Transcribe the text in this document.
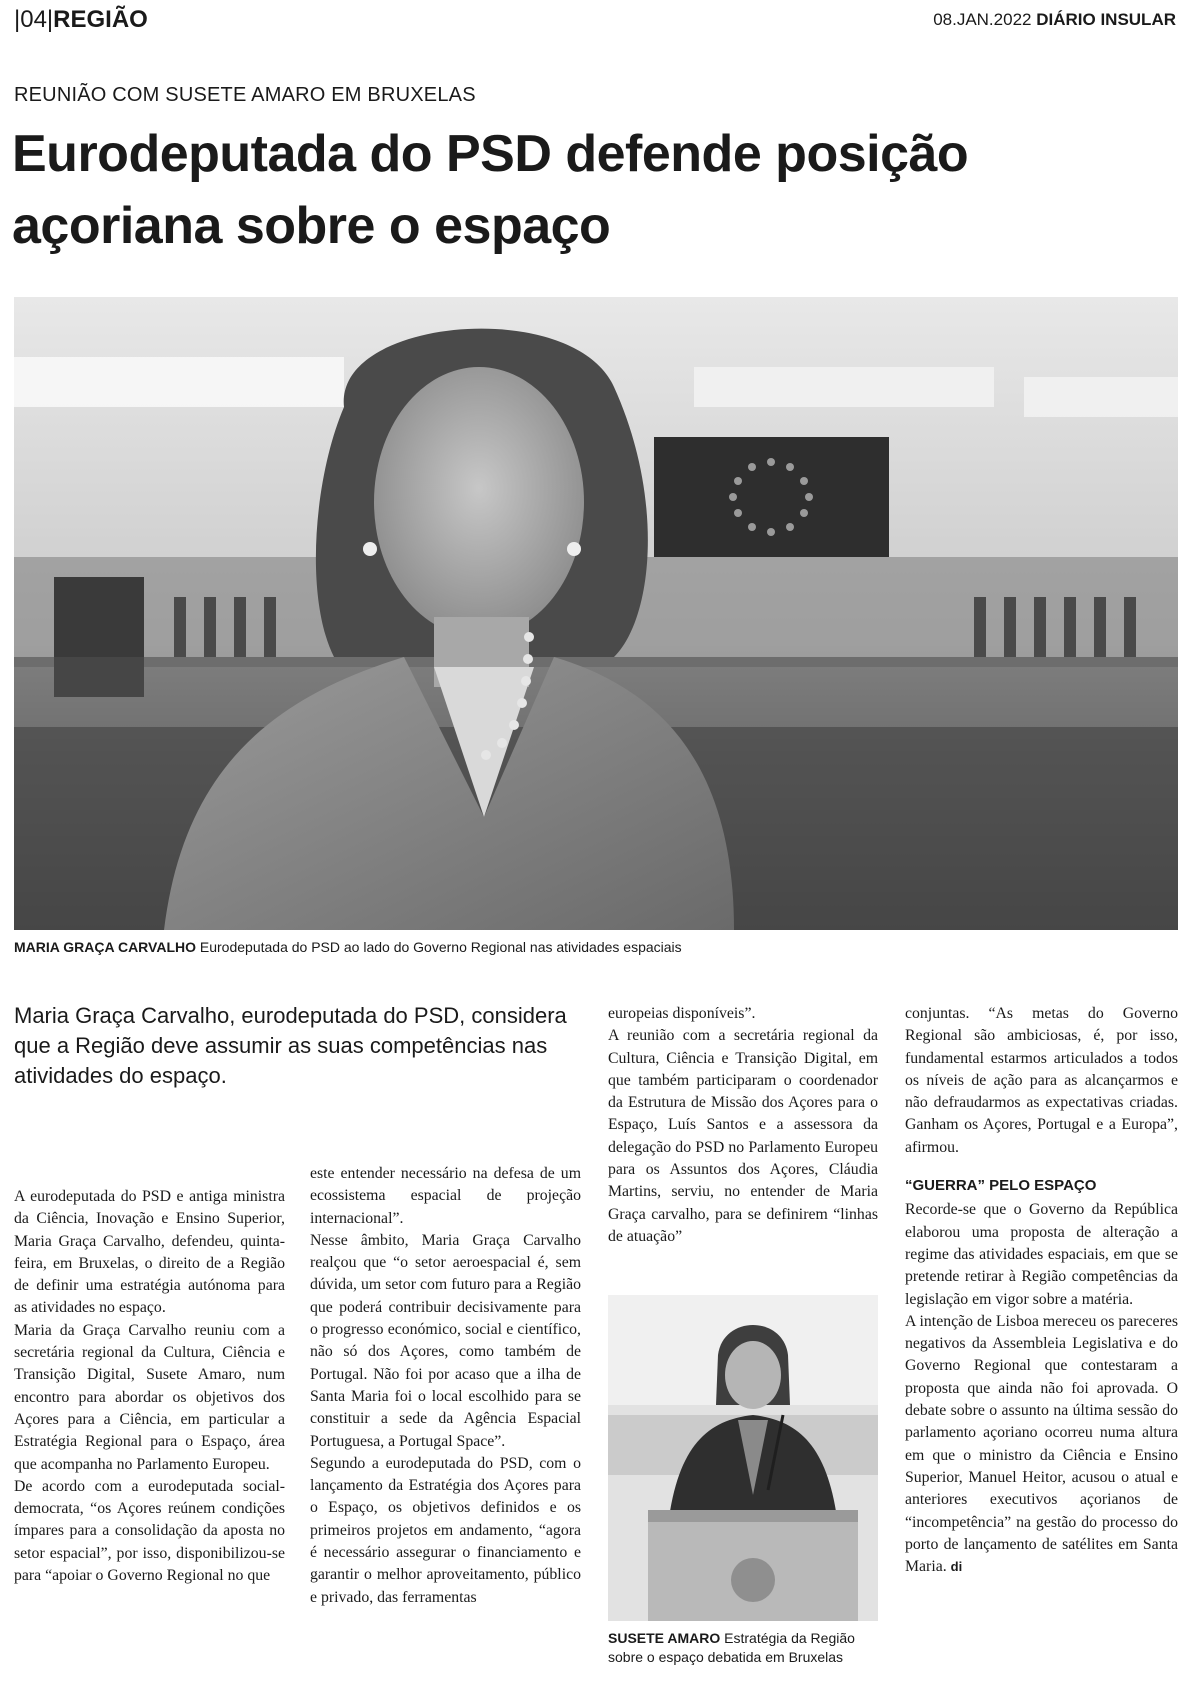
|04|REGIÃO	08.JAN.2022 DIÁRIO INSULAR
REUNIÃO COM SUSETE AMARO EM BRUXELAS
Eurodeputada do PSD defende posição açoriana sobre o espaço
MARIA GRAÇA CARVALHO Eurodeputada do PSD ao lado do Governo Regional nas atividades espaciais

Maria Graça Carvalho, eurodeputada do PSD, considera que a Região deve assumir as suas competências nas atividades do espaço.

A eurodeputada do PSD e antiga ministra da Ciência, Inovação e Ensino Superior, Maria Graça Carvalho, defendeu, quinta-feira, em Bruxelas, o direito de a Região de definir uma estratégia autónoma para as atividades no espaço.

Maria da Graça Carvalho reuniu com a secretária regional da Cultura, Ciência e Transição Digital, Susete Amaro, num encontro para abordar os objetivos dos Açores para a Ciência, em particular a Estratégia Regional para o Espaço, área que acompanha no Parlamento Europeu.

De acordo com a eurodeputada social-democrata, “os Açores reúnem condições ímpares para a consolidação da aposta no setor espacial”, por isso, disponibilizou-se para “apoiar o Governo Regional no que

este entender necessário na defesa de um ecossistema espacial de projeção internacional”.

Nesse âmbito, Maria Graça Carvalho realçou que “o setor aeroespacial é, sem dúvida, um setor com futuro para a Região que poderá contribuir decisivamente para o progresso económico, social e científico, não só dos Açores, como também de Portugal. Não foi por acaso que a ilha de Santa Maria foi o local escolhido para se constituir a sede da Agência Espacial Portuguesa, a Portugal Space”.

Segundo a eurodeputada do PSD, com o lançamento da Estratégia dos Açores para o Espaço, os objetivos definidos e os primeiros projetos em andamento, “agora é necessário assegurar o financiamento e garantir o melhor aproveitamento, público e privado, das ferramentas

europeias disponíveis”.

A reunião com a secretária regional da Cultura, Ciência e Transição Digital, em que também participaram o coordenador da Estrutura de Missão dos Açores para o Espaço, Luís Santos e a assessora da delegação do PSD no Parlamento Europeu para os Assuntos dos Açores, Cláudia Martins, serviu, no entender de Maria Graça carvalho, para se definirem “linhas de atuação”

SUSETE AMARO Estratégia da Região sobre o espaço debatida em Bruxelas

conjuntas. “As metas do Governo Regional são ambiciosas, é, por isso, fundamental estarmos articulados a todos os níveis de ação para as alcançarmos e não defraudarmos as expectativas criadas. Ganham os Açores, Portugal e a Europa”, afirmou.

“GUERRA” PELO ESPAÇO

Recorde-se que o Governo da República elaborou uma proposta de alteração a regime das atividades espaciais, em que se pretende retirar à Região competências da legislação em vigor sobre a matéria.

A intenção de Lisboa mereceu os pareceres negativos da Assembleia Legislativa e do Governo Regional que contestaram a proposta que ainda não foi aprovada. O debate sobre o assunto na última sessão do parlamento açoriano ocorreu numa altura em que o ministro da Ciência e Ensino Superior, Manuel Heitor, acusou o atual e anteriores executivos açorianos de “incompetência” na gestão do processo do porto de lançamento de satélites em Santa Maria. di
